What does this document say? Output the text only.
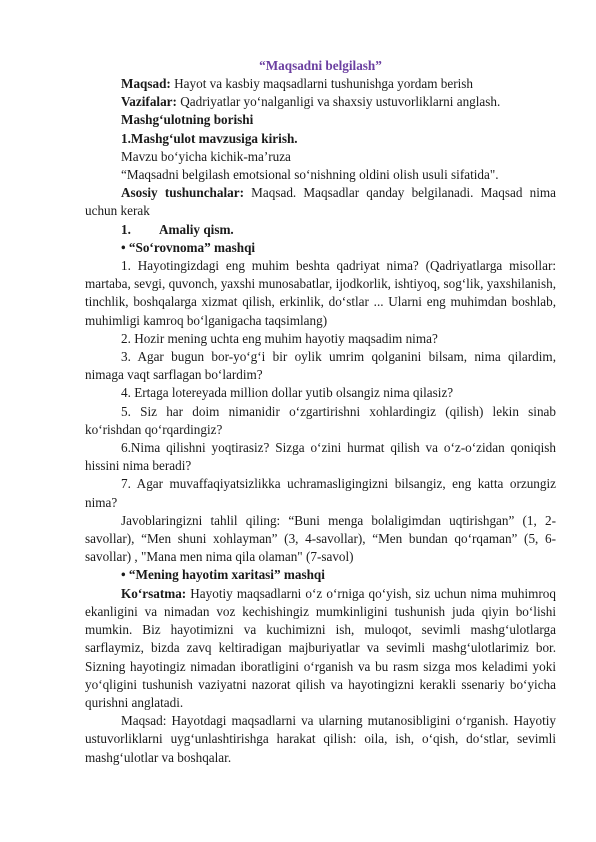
“Maqsadni belgilash”

Maqsad: Hayot va kasbiy maqsadlarni tushunishga yordam berish

Vazifalar: Qadriyatlar yo‘nalganligi va shaxsiy ustuvorliklarni anglash.

Mashg‘ulotning borishi

1.Mashg‘ulot mavzusiga kirish.

Mavzu bo‘yicha kichik-ma’ruza

“Maqsadni belgilash emotsional so‘nishning oldini olish usuli sifatida".

Asosiy tushunchalar: Maqsad. Maqsadlar qanday belgilanadi. Maqsad nima uchun kerak

1.	Amaliy qism.

• “So‘rovnoma” mashqi

1. Hayotingizdagi eng muhim beshta qadriyat nima? (Qadriyatlarga misollar: martaba, sevgi, quvonch, yaxshi munosabatlar, ijodkorlik, ishtiyoq, sog‘lik, yaxshilanish, tinchlik, boshqalarga xizmat qilish, erkinlik, do‘stlar ... Ularni eng muhimdan boshlab, muhimligi kamroq bo‘lganigacha taqsimlang)

2. Hozir mening uchta eng muhim hayotiy maqsadim nima?

3. Agar bugun bor-yo‘g‘i bir oylik umrim qolganini bilsam, nima qilardim, nimaga vaqt sarflagan bo‘lardim?

4. Ertaga lotereyada million dollar yutib olsangiz nima qilasiz?

5. Siz har doim nimanidir o‘zgartirishni xohlardingiz (qilish) lekin sinab ko‘rishdan qo‘rqardingiz?

6.Nima qilishni yoqtirasiz? Sizga o‘zini hurmat qilish va o‘z-o‘zidan qoniqish hissini nima beradi?

7. Agar muvaffaqiyatsizlikka uchramasligingizni bilsangiz, eng katta orzungiz nima?

Javoblaringizni tahlil qiling: “Buni menga bolaligimdan uqtirishgan” (1, 2-savollar), “Men shuni xohlayman” (3, 4-savollar), “Men bundan qo‘rqaman” (5, 6-savollar) , "Mana men nima qila olaman" (7-savol)

• “Mening hayotim xaritasi” mashqi

Ko‘rsatma: Hayotiy maqsadlarni o‘z o‘rniga qo‘yish, siz uchun nima muhimroq ekanligini va nimadan voz kechishingiz mumkinligini tushunish juda qiyin bo‘lishi mumkin. Biz hayotimizni va kuchimizni ish, muloqot, sevimli mashg‘ulotlarga sarflaymiz, bizda zavq keltiradigan majburiyatlar va sevimli mashg‘ulotlarimiz bor. Sizning hayotingiz nimadan iboratligini o‘rganish va bu rasm sizga mos keladimi yoki yo‘qligini tushunish vaziyatni nazorat qilish va hayotingizni kerakli ssenariy bo‘yicha qurishni anglatadi.

Maqsad: Hayotdagi maqsadlarni va ularning mutanosibligini o‘rganish. Hayotiy ustuvorliklarni uyg‘unlashtirishga harakat qilish: oila, ish, o‘qish, do‘stlar, sevimli mashg‘ulotlar va boshqalar.
